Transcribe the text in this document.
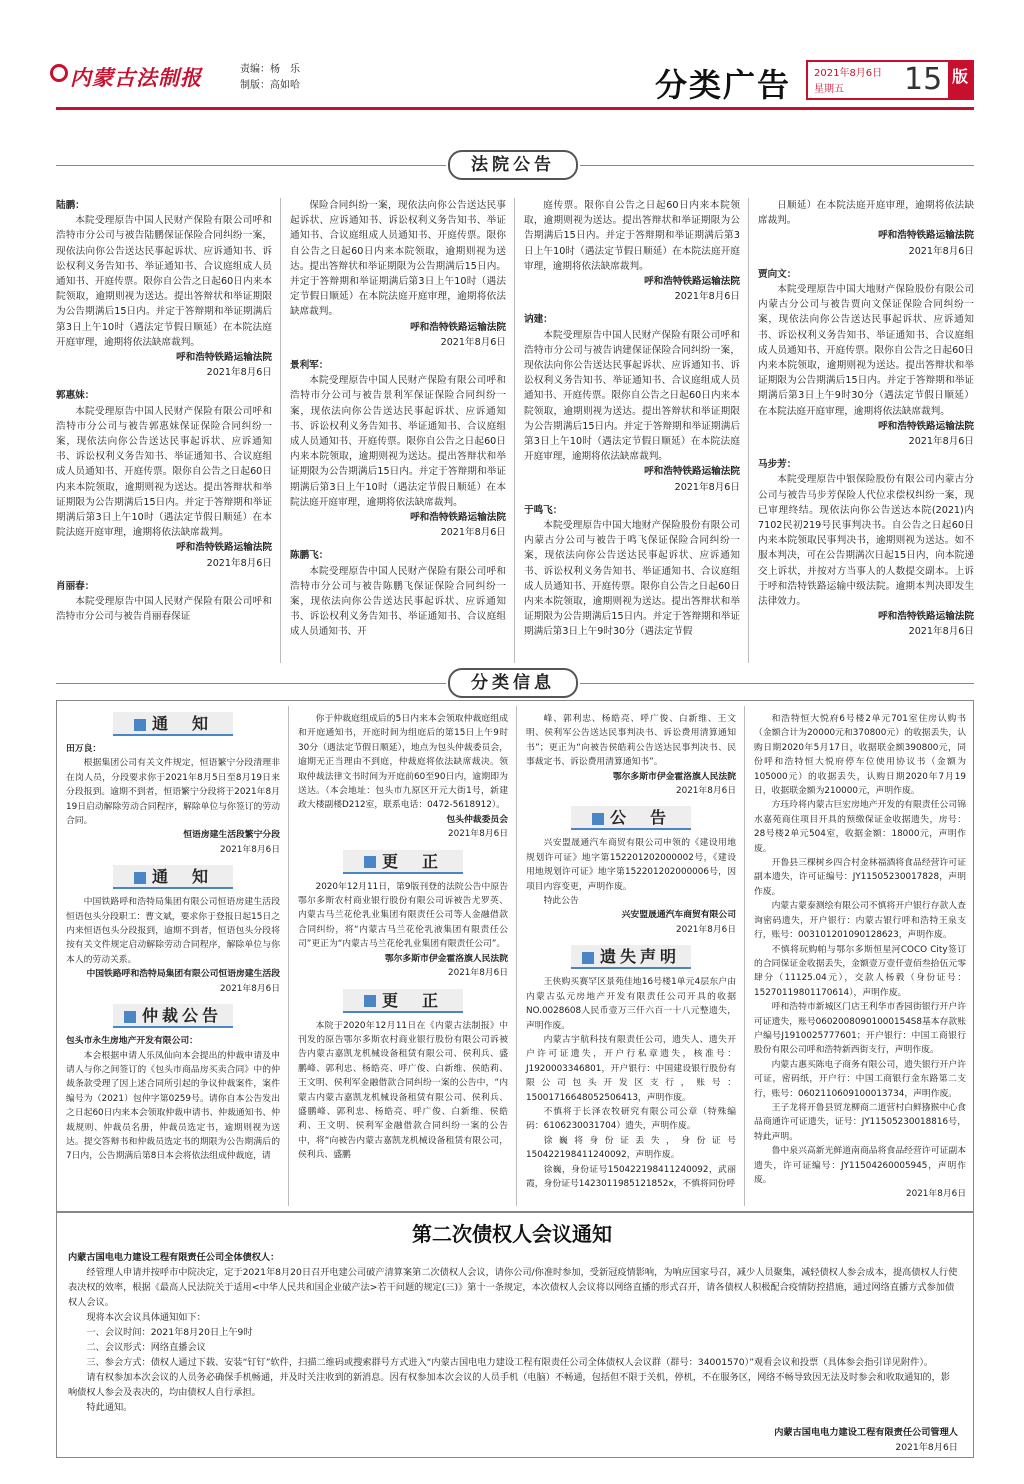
内蒙古法制报	责编：杨　乐
制版：高如哈	分类广告 2021年8月6日
星期五	15 版
法院公告
陆鹏：

本院受理原告中国人民财产保险有限公司呼和浩特市分公司与被告陆鹏保证保险合同纠纷一案，现依法向你公告送达民事起诉状、应诉通知书、诉讼权利义务告知书、举证通知书、合议庭组成人员通知书、开庭传票。限你自公告之日起60日内来本院领取，逾期则视为送达。提出答辩状和举证期限为公告期满后15日内。并定于答辩期和举证期满后第3日上午10时（遇法定节假日顺延）在本院法庭开庭审理，逾期将依法缺席裁判。

呼和浩特铁路运输法院
2021年8月6日
郭惠妹：

本院受理原告中国人民财产保险有限公司呼和浩特市分公司与被告郭惠妹保证保险合同纠纷一案，现依法向你公告送达民事起诉状、应诉通知书、诉讼权利义务告知书、举证通知书、合议庭组成人员通知书、开庭传票。限你自公告之日起60日内来本院领取，逾期则视为送达。提出答辩状和举证期限为公告期满后15日内。并定于答辩期和举证期满后第3日上午10时（遇法定节假日顺延）在本院法庭开庭审理，逾期将依法缺席裁判。

呼和浩特铁路运输法院
2021年8月6日
肖丽春：

本院受理原告中国人民财产保险有限公司呼和浩特市分公司与被告肖丽春保证

保险合同纠纷一案，现依法向你公告送达民事起诉状、应诉通知书、诉讼权利义务告知书、举证通知书、合议庭组成人员通知书、开庭传票。限你自公告之日起60日内来本院领取，逾期则视为送达。提出答辩状和举证期限为公告期满后15日内。并定于答辩期和举证期满后第3日上午10时（遇法定节假日顺延）在本院法庭开庭审理，逾期将依法缺席裁判。

呼和浩特铁路运输法院
2021年8月6日
景利军：

本院受理原告中国人民财产保险有限公司呼和浩特市分公司与被告景利军保证保险合同纠纷一案，现依法向你公告送达民事起诉状、应诉通知书、诉讼权利义务告知书、举证通知书、合议庭组成人员通知书、开庭传票。限你自公告之日起60日内来本院领取，逾期则视为送达。提出答辩状和举证期限为公告期满后15日内。并定于答辩期和举证期满后第3日上午10时（遇法定节假日顺延）在本院法庭开庭审理，逾期将依法缺席裁判。

呼和浩特铁路运输法院
2021年8月6日
陈鹏飞：

本院受理原告中国人民财产保险有限公司呼和浩特市分公司与被告陈鹏飞保证保险合同纠纷一案，现依法向你公告送达民事起诉状、应诉通知书、诉讼权利义务告知书、举证通知书、合议庭组成人员通知书、开

庭传票。限你自公告之日起60日内来本院领取，逾期则视为送达。提出答辩状和举证期限为公告期满后15日内。并定于答辩期和举证期满后第3日上午10时（遇法定节假日顺延）在本院法庭开庭审理，逾期将依法缺席裁判。

呼和浩特铁路运输法院
2021年8月6日
讷建：

本院受理原告中国人民财产保险有限公司呼和浩特市分公司与被告讷建保证保险合同纠纷一案，现依法向你公告送达民事起诉状、应诉通知书、诉讼权利义务告知书、举证通知书、合议庭组成人员通知书、开庭传票。限你自公告之日起60日内来本院领取，逾期则视为送达。提出答辩状和举证期限为公告期满后15日内。并定于答辩期和举证期满后第3日上午10时（遇法定节假日顺延）在本院法庭开庭审理，逾期将依法缺席裁判。

呼和浩特铁路运输法院
2021年8月6日
于鸣飞：

本院受理原告中国大地财产保险股份有限公司内蒙古分公司与被告于鸣飞保证保险合同纠纷一案，现依法向你公告送达民事起诉状、应诉通知书、诉讼权利义务告知书、举证通知书、合议庭组成人员通知书、开庭传票。限你自公告之日起60日内来本院领取，逾期则视为送达。提出答辩状和举证期限为公告期满后15日内。并定于答辩期和举证期满后第3日上午9时30分（遇法定节假

日顺延）在本院法庭开庭审理，逾期将依法缺席裁判。

呼和浩特铁路运输法院
2021年8月6日
贾向文：

本院受理原告中国大地财产保险股份有限公司内蒙古分公司与被告贾向文保证保险合同纠纷一案，现依法向你公告送达民事起诉状、应诉通知书、诉讼权利义务告知书、举证通知书、合议庭组成人员通知书、开庭传票。限你自公告之日起60日内来本院领取，逾期则视为送达。提出答辩状和举证期限为公告期满后15日内。并定于答辩期和举证期满后第3日上午9时30分（遇法定节假日顺延）在本院法庭开庭审理，逾期将依法缺席裁判。

呼和浩特铁路运输法院
2021年8月6日
马步芳：

本院受理原告中银保险股份有限公司内蒙古分公司与被告马步芳保险人代位求偿权纠纷一案，现已审理终结。现依法向你公告送达本院(2021)内7102民初219号民事判决书。自公告之日起60日内来本院领取民事判决书，逾期则视为送达。如不服本判决，可在公告期满次日起15日内，向本院递交上诉状，并按对方当事人的人数提交副本。上诉于呼和浩特铁路运输中级法院。逾期本判决即发生法律效力。

呼和浩特铁路运输法院
2021年8月6日
分类信息
通　知
田万良：

根据集团公司有关文件规定，恒语繁宁分段清理非在岗人员，分段要求你于2021年8月5日至8月19日来分段报到。逾期不到者，恒语繁宁分段将于2021年8月19日启动解除劳动合同程序，解除单位与你签订的劳动合同。

恒语房建生活段繁宁分段
2021年8月6日
通　知

中国铁路呼和浩特局集团有限公司恒语房建生活段恒语包头分段职工：曹文斌，要求你于登报日起15日之内来恒语包头分段报到，逾期不到者，恒语包头分段将按有关文件规定启动解除劳动合同程序，解除单位与你本人的劳动关系。

中国铁路呼和浩特局集团有限公司恒语房建生活段
2021年8月6日
仲裁公告
包头市永生房地产开发有限公司：

本会根据申请人乐凤仙向本会提出的仲裁申请及申请人与你之间签订的《包头市商品房买卖合同》中的仲裁条款受理了因上述合同所引起的争议仲裁案件，案件编号为（2021）包仲字第0259号。请你自本公告发出之日起60日内来本会领取仲裁申请书、仲裁通知书、仲裁规则、仲裁员名册，仲裁员选定书，逾期则视为送达。提交答辩书和仲裁员选定书的期限为公告期满后的7日内，公告期满后第8日本会将依法组成仲裁庭，请

你于仲裁庭组成后的5日内来本会领取仲裁庭组成和开庭通知书，开庭时间为组庭后的第15日上午9时30分（遇法定节假日顺延），地点为包头仲裁委员会，逾期无正当理由不到庭，仲裁庭将依法缺席裁决。领取仲裁法律文书时间为开庭前60至90日内，逾期即为送达。（本会地址：包头市九原区开元大街1号，新建政大楼副楼D212室，联系电话：0472-5618912）。

包头仲裁委员会
2021年8月6日
更　正

2020年12月11日，第9版刊登的法院公告中原告鄂尔多斯农村商业银行股份有限公司诉被告尤罗英、内蒙古马兰花伦乳业集团有限责任公司等人金融借款合同纠纷，将“内蒙古马兰花伦乳液集团有限责任公司”更正为“内蒙古马兰花伦乳业集团有限责任公司”。

鄂尔多斯市伊金霍洛旗人民法院
2021年8月6日
更　正

本院于2020年12月11日在《内蒙古法制报》中刊发的原告鄂尔多斯农村商业银行股份有限公司诉被告内蒙古嘉凯龙机械设备租赁有限公司、侯利兵、盛鹏峰、郭利忠、杨皓亮、呼广俊、白新维、侯皓莉、王文明、侯利军金融借款合同纠纷一案的公告中，“内蒙古内蒙古嘉凯龙机械设备租赁有限公司、侯利兵、盛鹏峰、郭利忠、杨皓亮、呼广俊、白新维、侯皓莉、王文明、侯利军金融借款合同纠纷一案的公告中，将“向被告内蒙古嘉凯龙机械设备租赁有限公司，侯利兵、盛鹏

峰、郭利忠、杨皓亮、呼广俊、白新维、王文明、侯利军公告送达民事判决书、诉讼费用清算通知书”；更正为“向被告侯皓莉公告送达民事判决书、民事裁定书、诉讼费用清算通知书”。

鄂尔多斯市伊金霍洛旗人民法院
2021年8月6日
公　告

兴安盟晟通汽车商贸有限公司申领的《建设用地规划许可证》地字第152201202000002号，《建设用地规划许可证》地字第152201202000006号，因项目内容变更，声明作废。

特此公告

兴安盟晟通汽车商贸有限公司
2021年8月6日
遗失声明

王侠购买赛罕区景苑佳地16号楼1单元4层东户由内蒙古弘元房地产开发有限责任公司开具的收据NO.0028608人民币壹万三仟六百一十八元整遗失，声明作废。

内蒙古宇航科技有限责任公司，遗失人、遗失开户许可证遗失，开户行私章遗失，核准号：J1920003346801，开户银行：中国建设银行股份有限公司包头开发区支行，账号：15001716648052506413，声明作废。

不慎将于长泽农牧研究有限公司公章（特殊编码：6106230031704）遗失，声明作废。

徐巍将身份证丢失，身份证号150422198411240092，声明作废。

徐巍，身份证号150422198411240092，武丽霞，身份证号1423011985121852x，不慎将同份呼

和浩特恒大悦府6号楼2单元701室住房认购书（金额合计为20000元和370800元）的收据丢失，认购日期2020年5月17日，收据联金额390800元，同份呼和浩特恒大悦府停车位使用协议书（金额为105000元）的收据丢失，认购日期2020年7月19日，收据联金额为210000元，声明作废。

方珏玲将内蒙古巨宏房地产开发的有限责任公司锦水嘉苑商住项目开具的预缴保证金收据遗失，房号：28号楼2单元504室，收据金额：18000元，声明作废。

开鲁县三棵树乡四合村金林福酒将食品经营许可证副本遗失，许可证编号：JY11505230017828，声明作废。

内蒙古蒙泰测绘有限公司不慎将开户银行存款人查询密码遗失，开户银行：内蒙古银行呼和浩特王泉支行，账号：003101201090128623，声明作废。

不慎将玩购帕与鄂尔多斯恒星河COCO City签订的合同保证金收据丢失，金额壹万壹仟壹佰叁拾伍元零肆分（11125.04元），交款人杨毅（身份证号：15270119801170614），声明作废。

呼和浩特市新城区门店王利华市香园街银行开户许可证遗失，账号06020080901000154S8基本存款账户编号J1910025777601；开户银行：中国工商银行股份有限公司呼和浩特新西街支行，声明作废。

内蒙古惠买陈电子商务有限公司，遗失银行开户许可证，密码纸，开户行：中国工商银行金东路第二支行，账号：0602110609100013734，声明作废。

王子龙将开鲁县贸龙柳商二道营村白鲜猕猴中心食品商通许可证遗失，证号：JY11505230018816号，特此声明。

鲁中泉兴高新光鲜道南商品将食品经营许可证副本遗失，许可证编号：JY11504260005945，声明作废。

2021年8月6日
第二次债权人会议通知
内蒙古国电电力建设工程有限责任公司全体债权人：

经管理人申请并按呼市中院决定，定于2021年8月20日召开电建公司破产清算案第二次债权人会议，请你公司/你准时参加，受新冠疫情影响，为响应国家号召，减少人员聚集，减轻债权人参会成本，提高债权人行使表决权的效率，根据《最高人民法院关于适用<中华人民共和国企业破产法>若干问题的规定(三)》第十一条规定，本次债权人会议将以网络直播的形式召开，请各债权人积极配合疫情防控措施，通过网络直播方式参加债权人会议。

现将本次会议具体通知如下：

一、会议时间：2021年8月20日上午9时

二、会议形式：网络直播会议

三、参会方式：债权人通过下载、安装“钉钉”软件，扫描二维码或搜索群号方式进入“内蒙古国电电力建设工程有限责任公司全体债权人会议群（群号：34001570）”观看会议和投票（具体参会指引详见附件）。

请有权参加本次会议的人员务必确保手机畅通，并及时关注收到的新消息。因有权参加本次会议的人员手机（电脑）不畅通，包括但不限于关机，停机，不在服务区，网络不畅导致因无法及时参会和收取通知的，影响债权人参会及表决的，均由债权人自行承担。

特此通知。

内蒙古国电电力建设工程有限责任公司管理人
2021年8月6日
